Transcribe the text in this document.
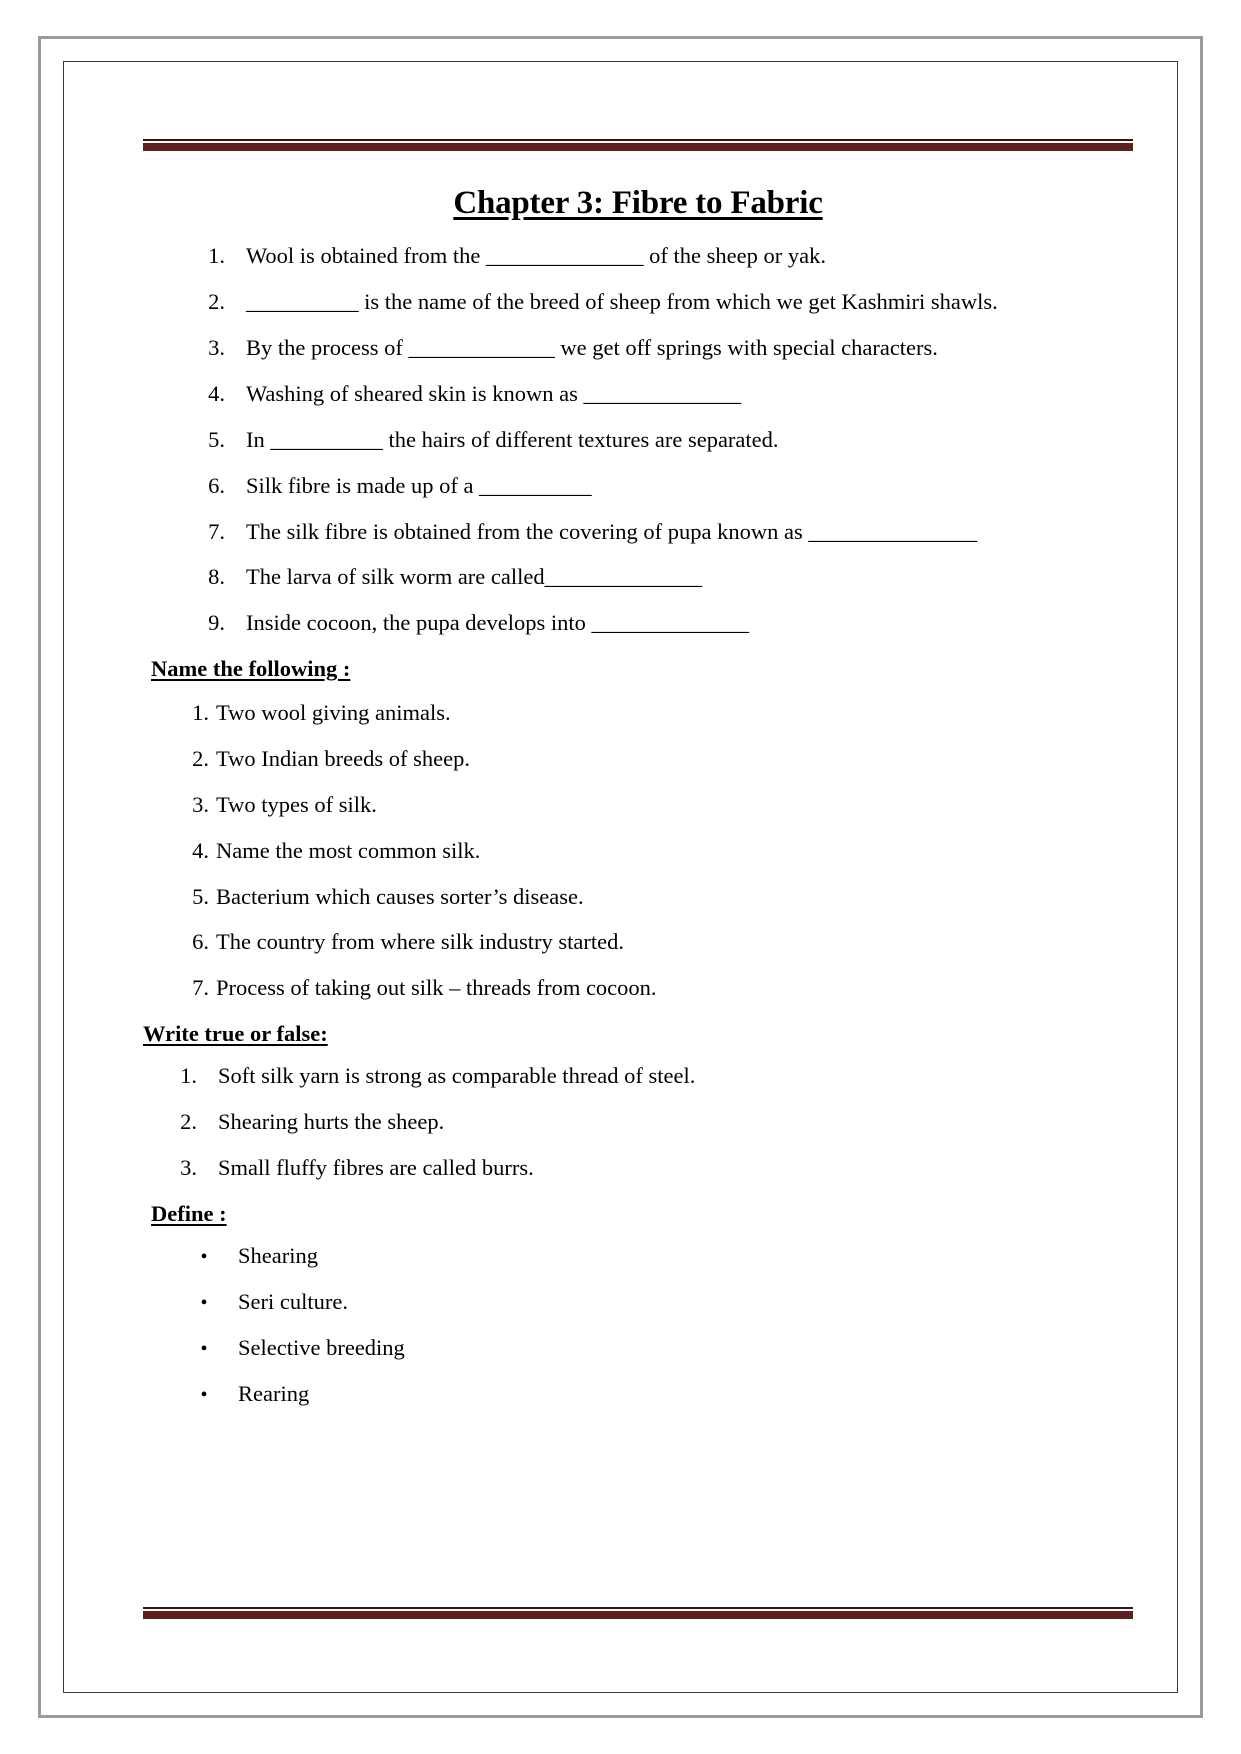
Chapter 3: Fibre to Fabric
1. Wool is obtained from the ______________ of the sheep or yak.
2. __________ is the name of the breed of sheep from which we get Kashmiri shawls.
3. By the process of _____________ we get off springs with special characters.
4. Washing of sheared skin is known as ______________
5. In __________ the hairs of different textures are separated.
6. Silk fibre is made up of a __________
7. The silk fibre is obtained from the covering of pupa known as _______________
8. The larva of silk worm are called______________
9. Inside cocoon, the pupa develops into ______________
Name the following :
1. Two wool giving animals.
2. Two Indian breeds of sheep.
3. Two types of silk.
4. Name the most common silk.
5. Bacterium which causes sorter’s disease.
6. The country from where silk industry started.
7. Process of taking out silk – threads from cocoon.
Write true or false:
1. Soft silk yarn is strong as comparable thread of steel.
2. Shearing hurts the sheep.
3. Small fluffy fibres are called burrs.
Define :
•	Shearing
•	Seri culture.
•	Selective breeding
•	Rearing
